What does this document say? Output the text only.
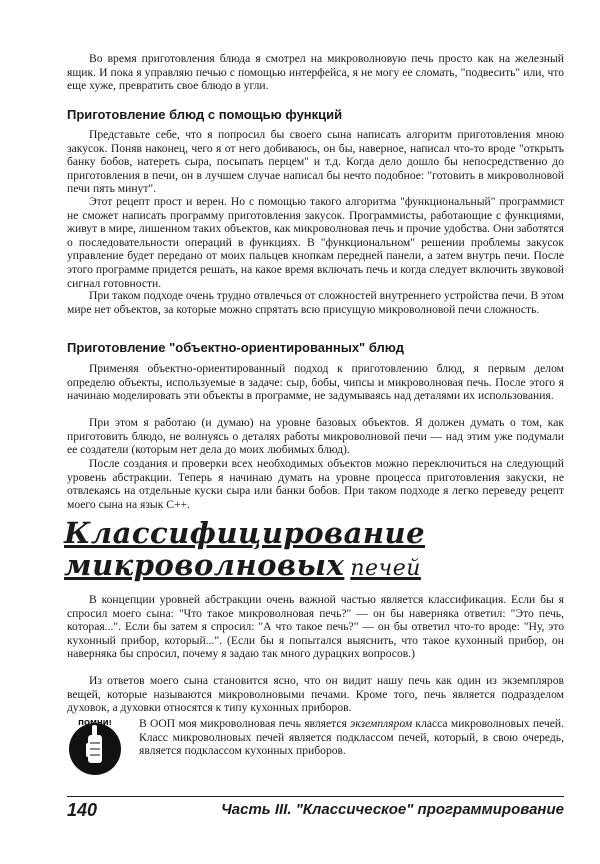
Во время приготовления блюда я смотрел на микроволновую печь просто как на железный ящик. И пока я управляю печью с помощью интерфейса, я не могу ее сломать, "подвесить" или, что еще хуже, превратить свое блюдо в угли.

Приготовление блюд с помощью функций

Представьте себе, что я попросил бы своего сына написать алгоритм приготовления мною закусок. Поняв наконец, чего я от него добиваюсь, он бы, наверное, написал что-то вроде "открыть банку бобов, натереть сыра, посыпать перцем" и т.д. Когда дело дошло бы непосредственно до приготовления в печи, он в лучшем случае написал бы нечто подобное: "готовить в микроволновой печи пять минут".

Этот рецепт прост и верен. Но с помощью такого алгоритма "функциональный" программист не сможет написать программу приготовления закусок. Программисты, работающие с функциями, живут в мире, лишенном таких объектов, как микроволновая печь и прочие удобства. Они заботятся о последовательности операций в функциях. В "функциональном" решении проблемы закусок управление будет передано от моих пальцев кнопкам передней панели, а затем внутрь печи. После этого программе придется решать, на какое время включать печь и когда следует включить звуковой сигнал готовности.

При таком подходе очень трудно отвлечься от сложностей внутреннего устройства печи. В этом мире нет объектов, за которые можно спрятать всю присущую микроволновой печи сложность.

Приготовление "объектно-ориентированных" блюд

Применяя объектно-ориентированный подход к приготовлению блюд, я первым делом определю объекты, используемые в задаче: сыр, бобы, чипсы и микроволновая печь. После этого я начинаю моделировать эти объекты в программе, не задумываясь над деталями их использования.

При этом я работаю (и думаю) на уровне базовых объектов. Я должен думать о том, как приготовить блюдо, не волнуясь о деталях работы микроволновой печи — над этим уже подумали ее создатели (которым нет дела до моих любимых блюд).

После создания и проверки всех необходимых объектов можно переключиться на следующий уровень абстракции. Теперь я начинаю думать на уровне процесса приготовления закуски, не отвлекаясь на отдельные куски сыра или банки бобов. При таком подходе я легко переведу рецепт моего сына на язык C++.

Классифицирование
микроволновых печей

В концепции уровней абстракции очень важной частью является классификация. Если бы я спросил моего сына: "Что такое микроволновая печь?" — он бы наверняка ответил: "Это печь, которая...". Если бы затем я спросил: "А что такое печь?" — он бы ответил что-то вроде: "Ну, это кухонный прибор, который...". (Если бы я попытался выяснить, что такое кухонный прибор, он наверняка бы спросил, почему я задаю так много дурацких вопросов.)

Из ответов моего сына становится ясно, что он видит нашу печь как один из экземпляров вещей, которые называются микроволновыми печами. Кроме того, печь является подразделом духовок, а духовки относятся к типу кухонных приборов.

ПОМНИ! В ООП моя микроволновая печь является экземпляром класса микроволновых печей. Класс микроволновых печей является подклассом печей, который, в свою очередь, является подклассом кухонных приборов.

140	Часть III. "Классическое" программирование
